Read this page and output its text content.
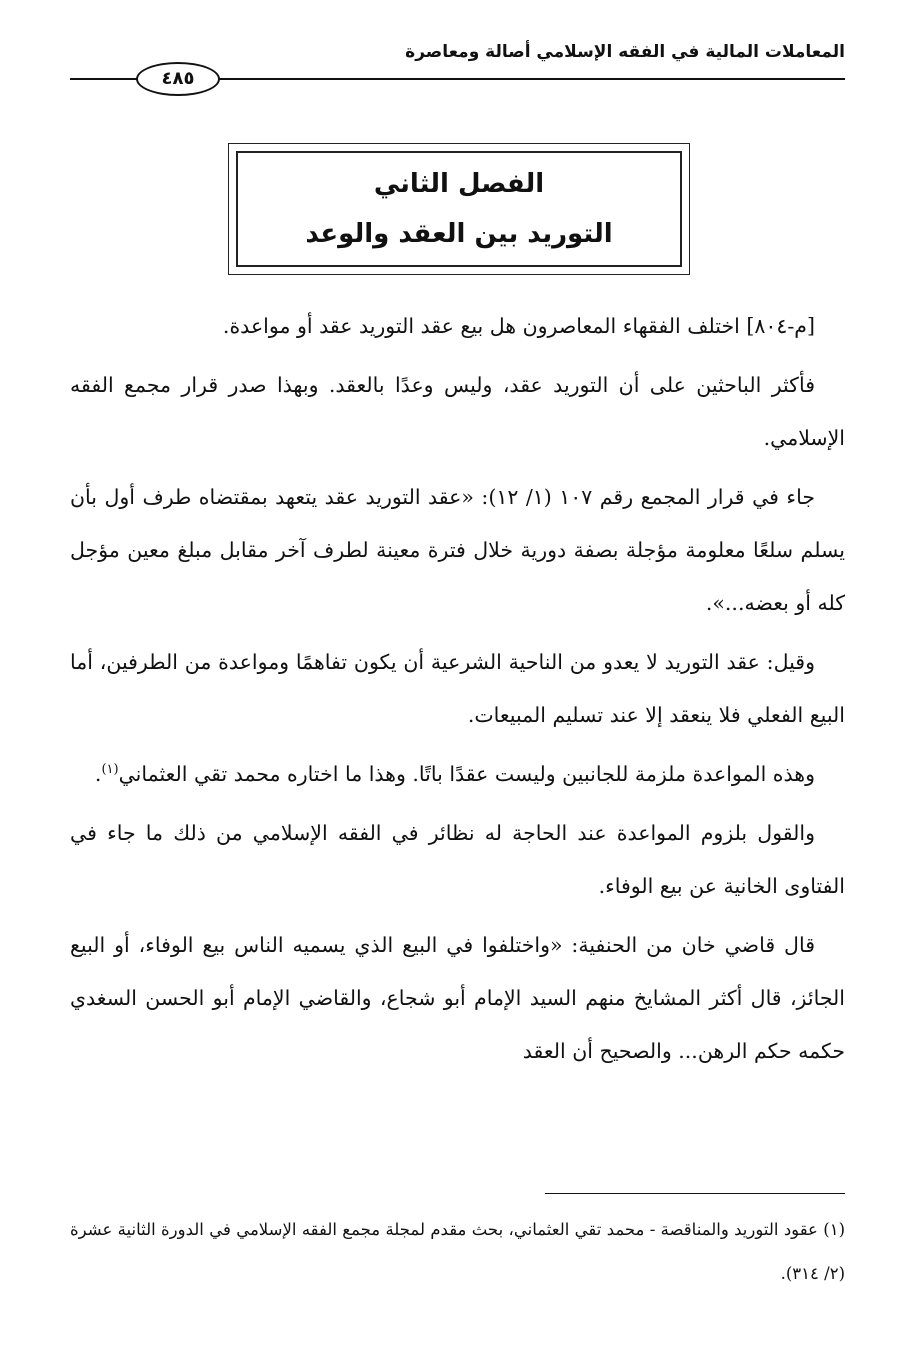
المعاملات المالية في الفقه الإسلامي أصالة ومعاصرة
٤٨٥
الفصل الثاني
التوريد بين العقد والوعد

[م-٨٠٤] اختلف الفقهاء المعاصرون هل بيع عقد التوريد عقد أو مواعدة.

فأكثر الباحثين على أن التوريد عقد، وليس وعدًا بالعقد. وبهذا صدر قرار مجمع الفقه الإسلامي.

جاء في قرار المجمع رقم ١٠٧ (١/ ١٢): «عقد التوريد عقد يتعهد بمقتضاه طرف أول بأن يسلم سلعًا معلومة مؤجلة بصفة دورية خلال فترة معينة لطرف آخر مقابل مبلغ معين مؤجل كله أو بعضه...».

وقيل: عقد التوريد لا يعدو من الناحية الشرعية أن يكون تفاهمًا ومواعدة من الطرفين، أما البيع الفعلي فلا ينعقد إلا عند تسليم المبيعات.

وهذه المواعدة ملزمة للجانبين وليست عقدًا باتًا. وهذا ما اختاره محمد تقي العثماني$^{(١)}$.

والقول بلزوم المواعدة عند الحاجة له نظائر في الفقه الإسلامي من ذلك ما جاء في الفتاوى الخانية عن بيع الوفاء.

قال قاضي خان من الحنفية: «واختلفوا في البيع الذي يسميه الناس بيع الوفاء، أو البيع الجائز، قال أكثر المشايخ منهم السيد الإمام أبو شجاع، والقاضي الإمام أبو الحسن السغدي حكمه حكم الرهن... والصحيح أن العقد

(١) عقود التوريد والمناقصة - محمد تقي العثماني، بحث مقدم لمجلة مجمع الفقه الإسلامي في الدورة الثانية عشرة (٢/ ٣١٤).
